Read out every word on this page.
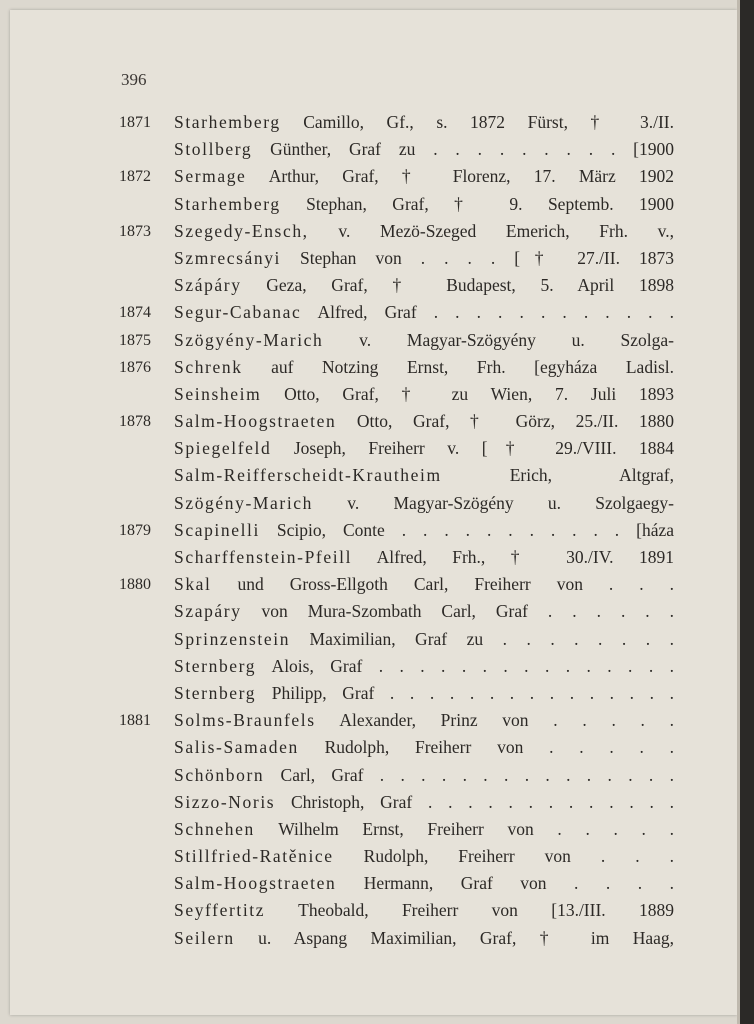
396
1871	Starhemberg Camillo, Gf., s. 1872 Fürst, † 3./II.
Stollberg Günther, Graf zu . . . . . . . . . [1900
1872	Sermage Arthur, Graf, † Florenz, 17. März 1902
Starhemberg Stephan, Graf, † 9. Septemb. 1900
1873	Szegedy-Ensch, v. Mezö-Szeged Emerich, Frh. v.,
Szmrecsányi Stephan von . . . . [† 27./II. 1873
Szápáry Geza, Graf, † Budapest, 5. April 1898
1874	Segur-Cabanac Alfred, Graf . . . . . . . . . . . .
1875	Szögyény-Marich v. Magyar-Szögyény u. Szolga-
1876	Schrenk auf Notzing Ernst, Frh. [egyháza Ladisl.
Seinsheim Otto, Graf, † zu Wien, 7. Juli 1893
1878	Salm-Hoogstraeten Otto, Graf, † Görz, 25./II. 1880
Spiegelfeld Joseph, Freiherr v. [† 29./VIII. 1884
Salm-Reifferscheidt-Krautheim Erich, Altgraf,
Szögény-Marich v. Magyar-Szögény u. Szolgaegy-
1879	Scapinelli Scipio, Conte . . . . . . . . . . . [háza
Scharffenstein-Pfeill Alfred, Frh., † 30./IV. 1891
1880	Skal und Gross-Ellgoth Carl, Freiherr von . . .
Szapáry von Mura-Szombath Carl, Graf . . . . . .
Sprinzenstein Maximilian, Graf zu . . . . . . . .
Sternberg Alois, Graf . . . . . . . . . . . . . . .
Sternberg Philipp, Graf . . . . . . . . . . . . . . .
1881	Solms-Braunfels Alexander, Prinz von . . . . .
Salis-Samaden Rudolph, Freiherr von . . . . .
Schönborn Carl, Graf . . . . . . . . . . . . . . .
Sizzo-Noris Christoph, Graf . . . . . . . . . . . . .
Schnehen Wilhelm Ernst, Freiherr von . . . . .
Stillfried-Ratěnice Rudolph, Freiherr von . . .
Salm-Hoogstraeten Hermann, Graf von . . . .
Seyffertitz Theobald, Freiherr von [13./III. 1889
Seilern u. Aspang Maximilian, Graf, † im Haag,
